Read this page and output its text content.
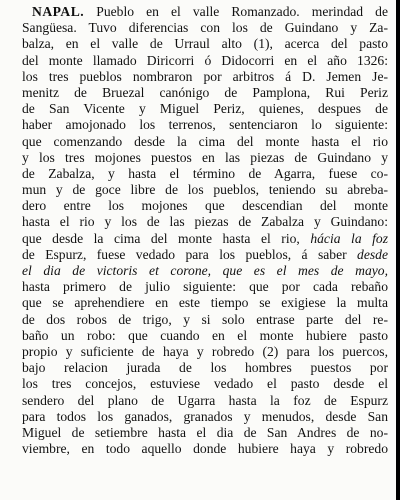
NAPAL. Pueblo en el valle Romanzado. merindad de
Sangüesa. Tuvo diferencias con los de Guindano y Za-
balza, en el valle de Urraul alto (1), acerca del pasto
del monte llamado Diricorri ó Didocorri en el año 1326:
los tres pueblos nombraron por arbitros á D. Jemen Je-
menitz de Bruezal canónigo de Pamplona, Rui Periz
de San Vicente y Miguel Periz, quienes, despues de
haber amojonado los terrenos, sentenciaron lo siguiente:
que comenzando desde la cima del monte hasta el rio
y los tres mojones puestos en las piezas de Guindano y
de Zabalza, y hasta el término de Agarra, fuese co-
mun y de goce libre de los pueblos, teniendo su abreba-
dero entre los mojones que descendian del monte
hasta el rio y los de las piezas de Zabalza y Guindano:
que desde la cima del monte hasta el rio, hácia la foz
de Espurz, fuese vedado para los pueblos, á saber desde
el dia de victoris et corone, que es el mes de mayo,
hasta primero de julio siguiente: que por cada rebaño
que se aprehendiere en este tiempo se exigiese la multa
de dos robos de trigo, y si solo entrase parte del re-
baño un robo: que cuando en el monte hubiere pasto
propio y suficiente de haya y robredo (2) para los puercos,
bajo relacion jurada de los hombres puestos por
los tres concejos, estuviese vedado el pasto desde el
sendero del plano de Ugarra hasta la foz de Espurz
para todos los ganados, granados y menudos, desde San
Miguel de setiembre hasta el dia de San Andres de no-
viembre, en todo aquello donde hubiere haya y robredo
